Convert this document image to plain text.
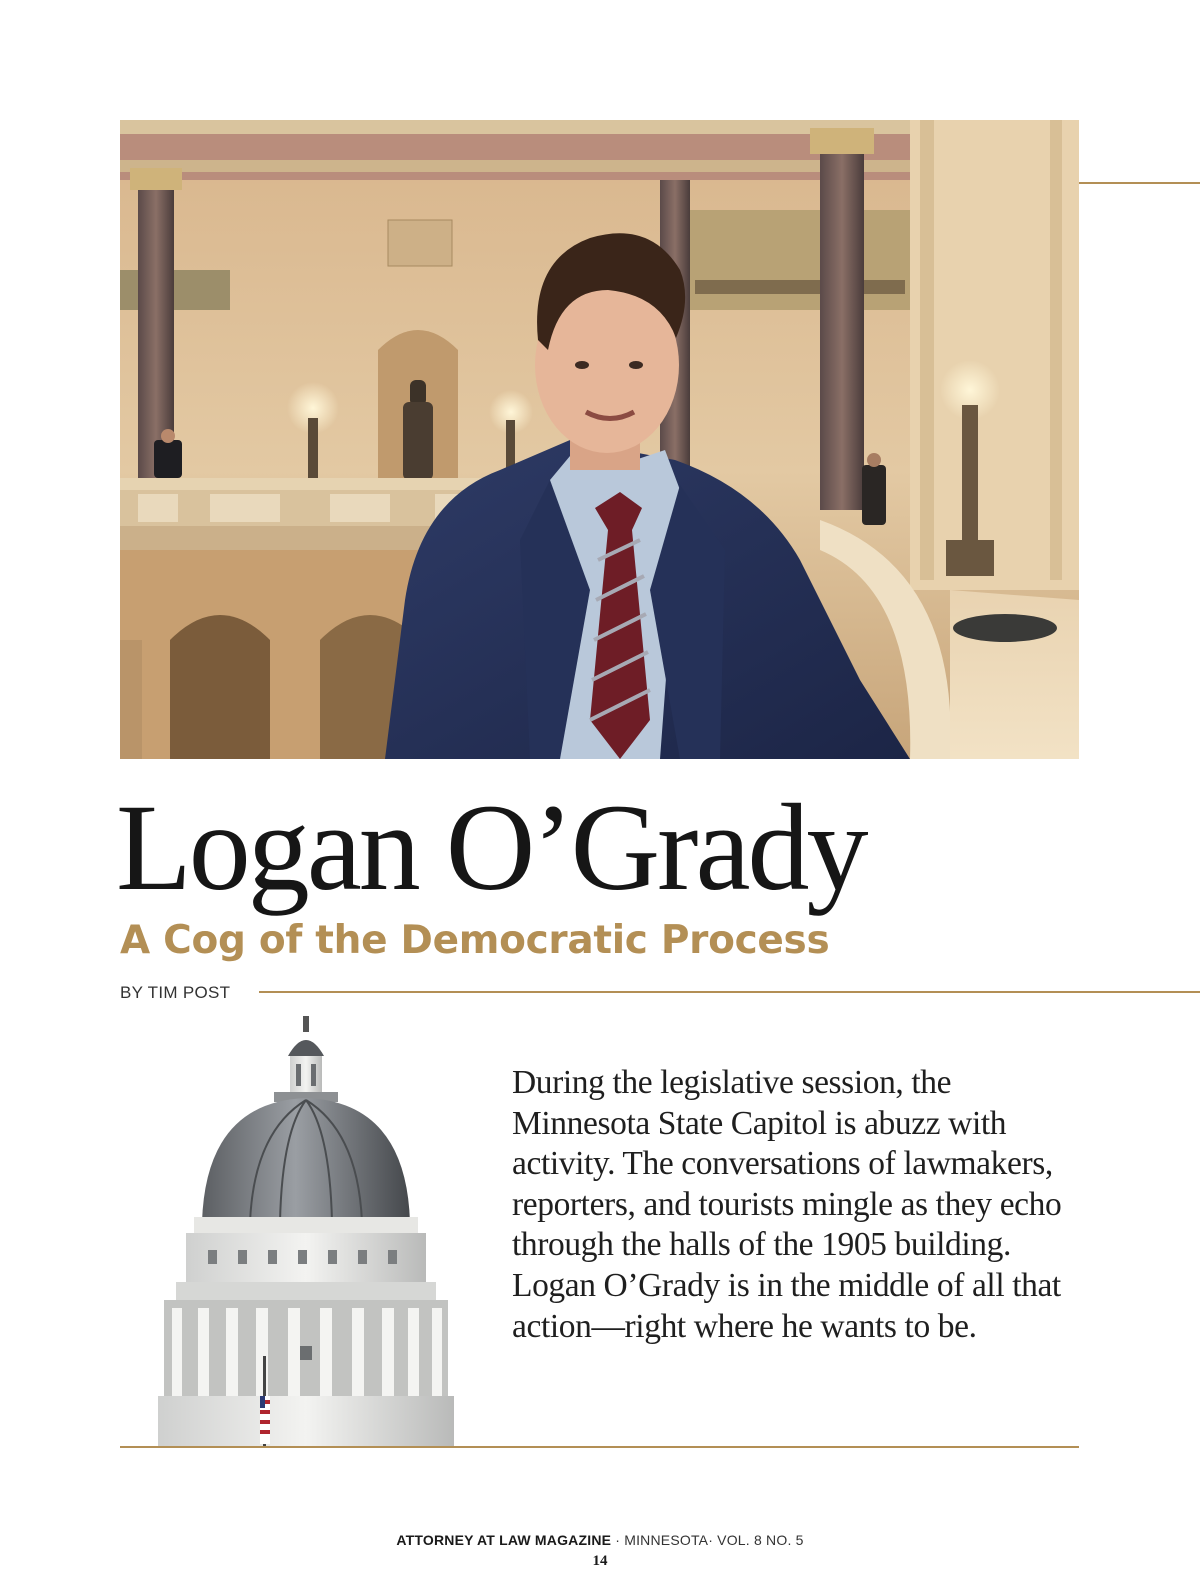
Logan O’Grady
A Cog of the Democratic Process
BY TIM POST

During the legislative session, the Minnesota State Capitol is abuzz with activity. The conversations of lawmakers, reporters, and tourists mingle as they echo through the halls of the 1905 building. Logan O’Grady is in the middle of all that action—right where he wants to be.

ATTORNEY AT LAW MAGAZINE · MINNESOTA· VOL. 8 NO. 5
14
